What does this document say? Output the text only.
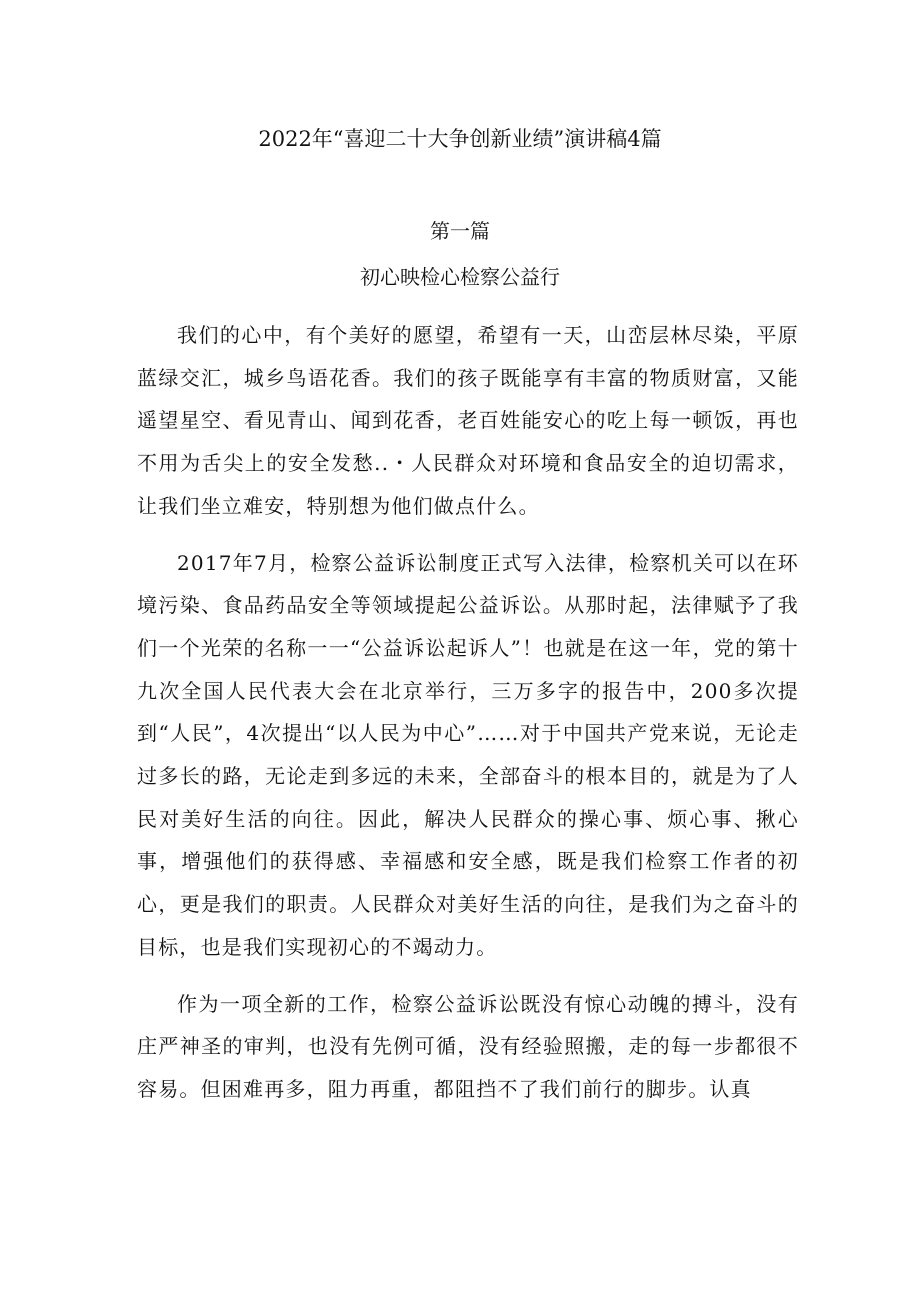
2022年“喜迎二十大争创新业绩”演讲稿4篇
第一篇
初心映检心检察公益行

我们的心中，有个美好的愿望，希望有一天，山峦层林尽染，平原蓝绿交汇，城乡鸟语花香。我们的孩子既能享有丰富的物质财富，又能遥望星空、看见青山、闻到花香，老百姓能安心的吃上每一顿饭，再也不用为舌尖上的安全发愁..・人民群众对环境和食品安全的迫切需求，让我们坐立难安，特别想为他们做点什么。

2017年7月，检察公益诉讼制度正式写入法律，检察机关可以在环境污染、食品药品安全等领域提起公益诉讼。从那时起，法律赋予了我们一个光荣的名称一一“公益诉讼起诉人”！也就是在这一年，党的第十九次全国人民代表大会在北京举行，三万多字的报告中，200多次提到“人民”，4次提出“以人民为中心”……对于中国共产党来说，无论走过多长的路，无论走到多远的未来，全部奋斗的根本目的，就是为了人民对美好生活的向往。因此，解决人民群众的操心事、烦心事、揪心事，增强他们的获得感、幸福感和安全感，既是我们检察工作者的初心，更是我们的职责。人民群众对美好生活的向往，是我们为之奋斗的目标，也是我们实现初心的不竭动力。

作为一项全新的工作，检察公益诉讼既没有惊心动魄的搏斗，没有庄严神圣的审判，也没有先例可循，没有经验照搬，走的每一步都很不容易。但困难再多，阻力再重，都阻挡不了我们前行的脚步。认真
